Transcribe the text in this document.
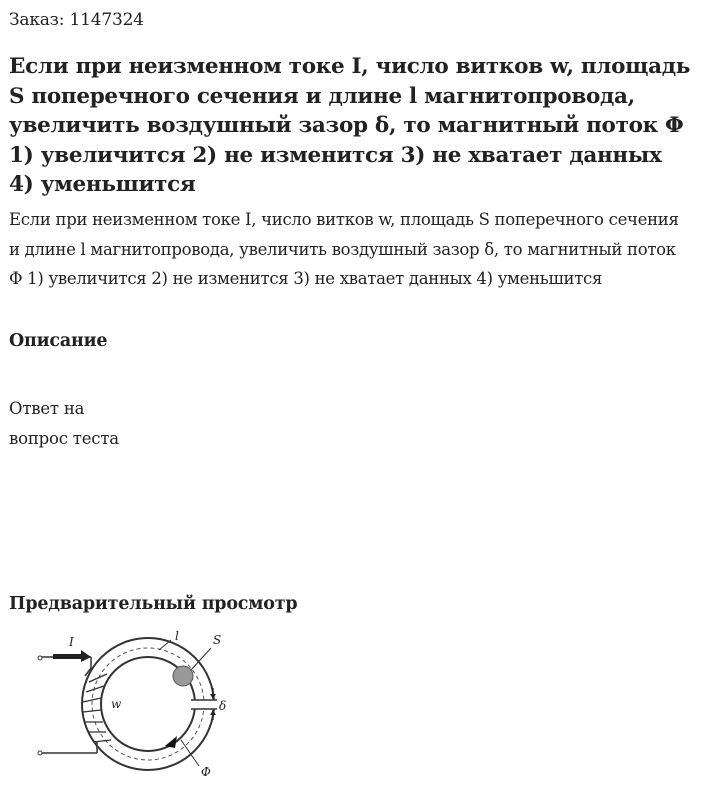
Заказ: 1147324
Если при неизменном токе I, число витков w, площадь S поперечного сечения и длине l магнитопровода, увеличить воздушный зазор δ, то магнитный поток Φ 1) увеличится 2) не изменится 3) не хватает данных 4) уменьшится

Если при неизменном токе I, число витков w, площадь S поперечного сечения и длине l магнитопровода, увеличить воздушный зазор δ, то магнитный поток Φ 1) увеличится 2) не изменится 3) не хватает данных 4) уменьшится

Описание

Ответ на
вопрос теста

Предварительный просмотр
I	l	S
w	δ
Φ
